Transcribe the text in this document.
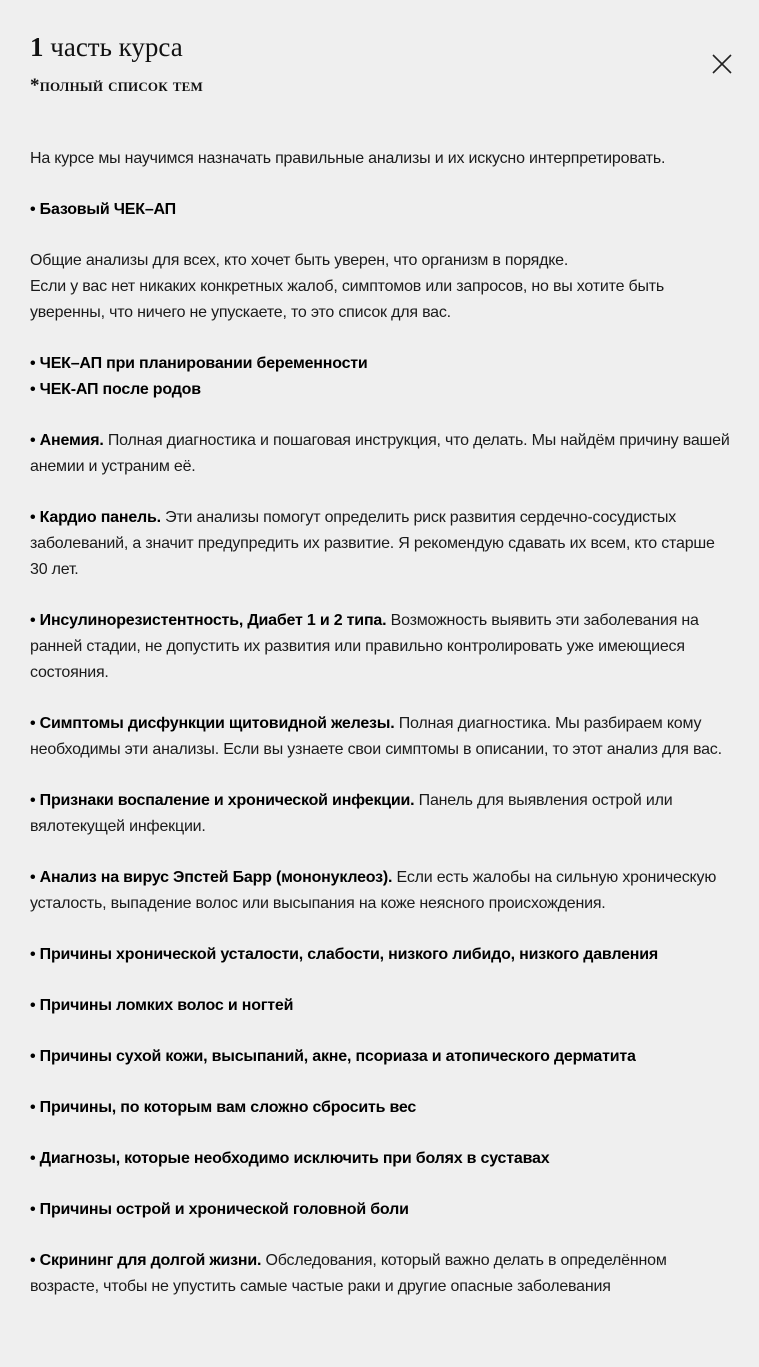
1 часть курса
*полный список тем

На курсе мы научимся назначать правильные анализы и их искусно интерпретировать.

• Базовый ЧЕК–АП

Общие анализы для всех, кто хочет быть уверен, что организм в порядке.

Если у вас нет никаких конкретных жалоб, симптомов или запросов, но вы хотите быть уверенны, что ничего не упускаете, то это список для вас.

• ЧЕК–АП при планировании беременности

• ЧЕК-АП после родов

• Анемия. Полная диагностика и пошаговая инструкция, что делать. Мы найдём причину вашей анемии и устраним её.

• Кардио панель. Эти анализы помогут определить риск развития сердечно-сосудистых заболеваний, а значит предупредить их развитие. Я рекомендую сдавать их всем, кто старше 30 лет.

• Инсулинорезистентность, Диабет 1 и 2 типа. Возможность выявить эти заболевания на ранней стадии, не допустить их развития или правильно контролировать уже имеющиеся состояния.

• Симптомы дисфункции щитовидной железы. Полная диагностика. Мы разбираем кому необходимы эти анализы. Если вы узнаете свои симптомы в описании, то этот анализ для вас.

• Признаки воспаление и хронической инфекции. Панель для выявления острой или вялотекущей инфекции.

• Анализ на вирус Эпстей Барр (мононуклеоз). Если есть жалобы на сильную хроническую усталость, выпадение волос или высыпания на коже неясного происхождения.

• Причины хронической усталости, слабости, низкого либидо, низкого давления

• Причины ломких волос и ногтей

• Причины сухой кожи, высыпаний, акне, псориаза и атопического дерматита

• Причины, по которым вам сложно сбросить вес

• Диагнозы, которые необходимо исключить при болях в суставах

• Причины острой и хронической головной боли

• Скрининг для долгой жизни. Обследования, который важно делать в определённом возрасте, чтобы не упустить самые частые раки и другие опасные заболевания
